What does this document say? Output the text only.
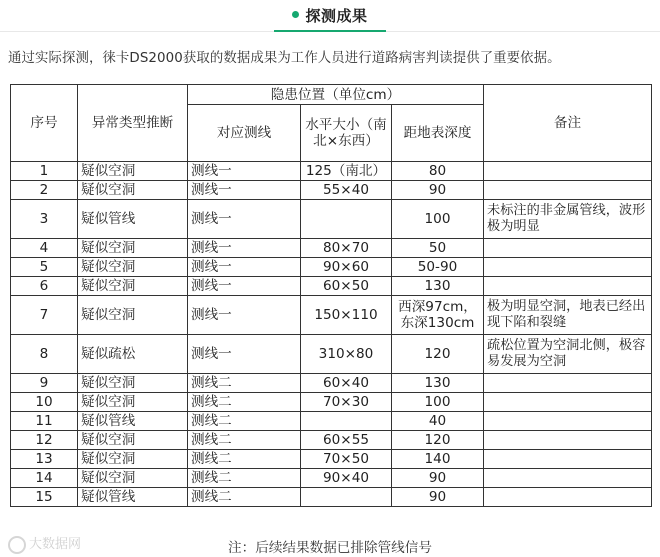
探测成果
通过实际探测，徕卡DS2000获取的数据成果为工作人员进行道路病害判读提供了重要依据。
序号	异常类型推断	隐患位置（单位cm）			备注
		对应测线	水平大小（南北×东西）	距地表深度	
1	疑似空洞	测线一	125（南北）	80	
2	疑似空洞	测线一	55×40	90	
3	疑似管线	测线一		100	未标注的非金属管线，波形极为明显
4	疑似空洞	测线一	80×70	50	
5	疑似空洞	测线一	90×60	50-90	
6	疑似空洞	测线一	60×50	130	
7	疑似空洞	测线一	150×110	西深97cm，东深130cm	极为明显空洞，地表已经出现下陷和裂缝
8	疑似疏松	测线一	310×80	120	疏松位置为空洞北侧，极容易发展为空洞
9	疑似空洞	测线二	60×40	130	
10	疑似空洞	测线二	70×30	100	
11	疑似管线	测线二		40	
12	疑似空洞	测线二	60×55	120	
13	疑似空洞	测线二	70×50	140	
14	疑似空洞	测线二	90×40	90	
15	疑似管线	测线二		90	
大数据网	注：后续结果数据已排除管线信号
